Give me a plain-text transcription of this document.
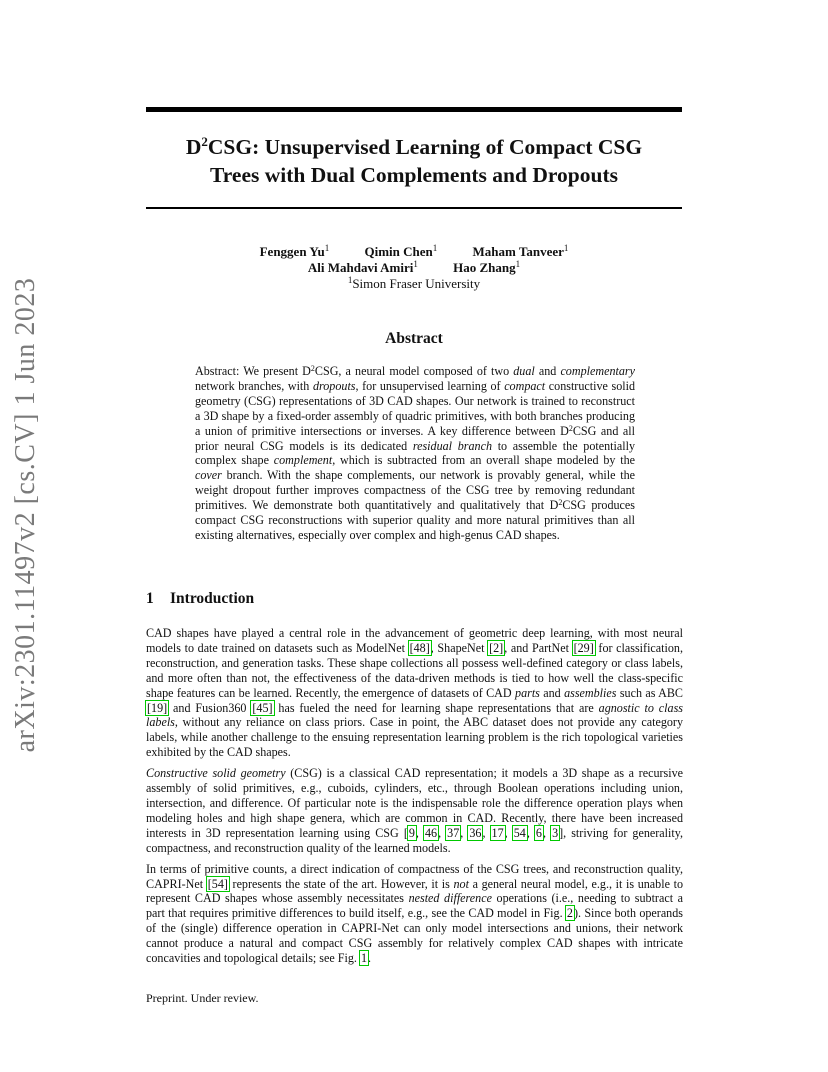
arXiv:2301.11497v2 [cs.CV] 1 Jun 2023
$D^2CSG$: Unsupervised Learning of Compact CSG
Trees with Dual Complements and Dropouts
Fenggen Yu$^1$	Qimin Chen$^1$	Maham Tanveer$^1$
Ali Mahdavi Amiri$^1$	Hao Zhang$^1$
$^1$Simon Fraser University
Abstract
Abstract: We present $D^2CSG$, a neural model composed of two dual and complementary network branches, with dropouts, for unsupervised learning of compact constructive solid geometry (CSG) representations of 3D CAD shapes. Our network is trained to reconstruct a 3D shape by a fixed-order assembly of quadric primitives, with both branches producing a union of primitive intersections or inverses. A key difference between $D^2CSG$ and all prior neural CSG models is its dedicated residual branch to assemble the potentially complex shape complement, which is subtracted from an overall shape modeled by the cover branch. With the shape complements, our network is provably general, while the weight dropout further improves compactness of the CSG tree by removing redundant primitives. We demonstrate both quantitatively and qualitatively that $D^2CSG$ produces compact CSG reconstructions with superior quality and more natural primitives than all existing alternatives, especially over complex and high-genus CAD shapes.
1 Introduction

CAD shapes have played a central role in the advancement of geometric deep learning, with most neural models to date trained on datasets such as ModelNet [48], ShapeNet [2], and PartNet [29] for classification, reconstruction, and generation tasks. These shape collections all possess well-defined category or class labels, and more often than not, the effectiveness of the data-driven methods is tied to how well the class-specific shape features can be learned. Recently, the emergence of datasets of CAD parts and assemblies such as ABC [19] and Fusion360 [45] has fueled the need for learning shape representations that are agnostic to class labels, without any reliance on class priors. Case in point, the ABC dataset does not provide any category labels, while another challenge to the ensuing representation learning problem is the rich topological varieties exhibited by the CAD shapes.

Constructive solid geometry (CSG) is a classical CAD representation; it models a 3D shape as a recursive assembly of solid primitives, e.g., cuboids, cylinders, etc., through Boolean operations including union, intersection, and difference. Of particular note is the indispensable role the difference operation plays when modeling holes and high shape genera, which are common in CAD. Recently, there have been increased interests in 3D representation learning using CSG [9, 46, 37, 36, 17, 54, 6, 3], striving for generality, compactness, and reconstruction quality of the learned models.

In terms of primitive counts, a direct indication of compactness of the CSG trees, and reconstruction quality, CAPRI-Net [54] represents the state of the art. However, it is not a general neural model, e.g., it is unable to represent CAD shapes whose assembly necessitates nested difference operations (i.e., needing to subtract a part that requires primitive differences to build itself, e.g., see the CAD model in Fig. 2). Since both operands of the (single) difference operation in CAPRI-Net can only model intersections and unions, their network cannot produce a natural and compact CSG assembly for relatively complex CAD shapes with intricate concavities and topological details; see Fig. 1.

Preprint. Under review.
